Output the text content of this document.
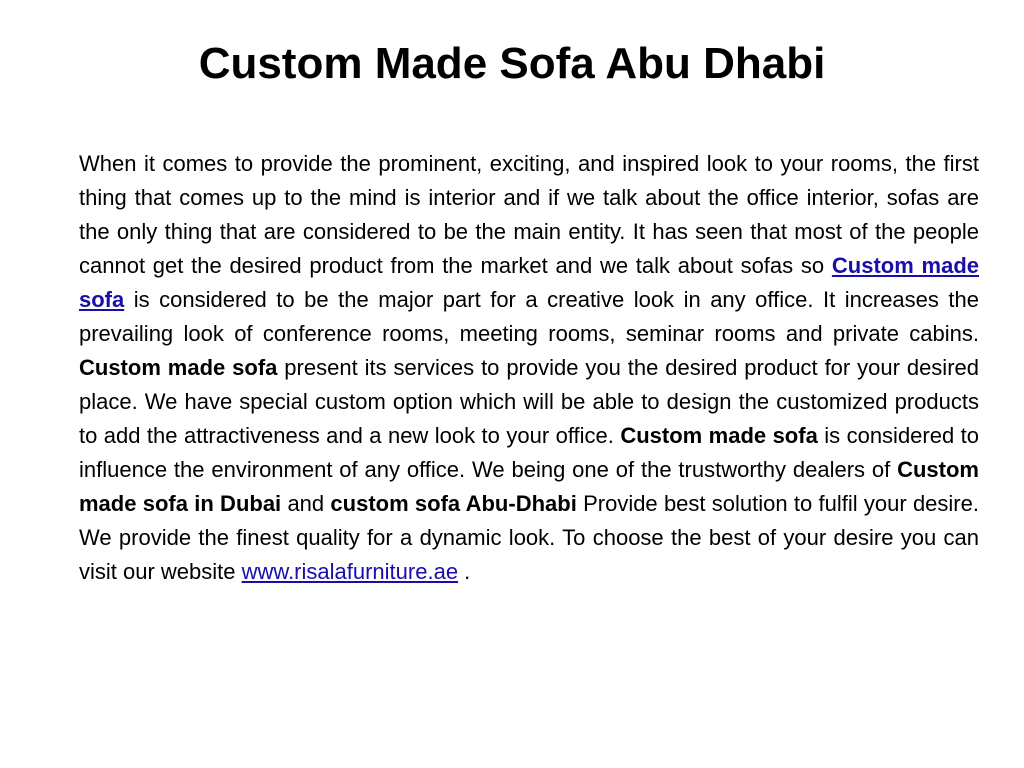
Custom Made Sofa Abu Dhabi

When it comes to provide the prominent, exciting, and inspired look to your rooms, the first thing that comes up to the mind is interior and if we talk about the office interior, sofas are the only thing that are considered to be the main entity. It has seen that most of the people cannot get the desired product from the market and we talk about sofas so Custom made sofa is considered to be the major part for a creative look in any office. It increases the prevailing look of conference rooms, meeting rooms, seminar rooms and private cabins. Custom made sofa present its services to provide you the desired product for your desired place. We have special custom option which will be able to design the customized products to add the attractiveness and a new look to your office. Custom made sofa is considered to influence the environment of any office. We being one of the trustworthy dealers of Custom made sofa in Dubai and custom sofa Abu-Dhabi Provide best solution to fulfil your desire. We provide the finest quality for a dynamic look. To choose the best of your desire you can visit our website www.risalafurniture.ae .
